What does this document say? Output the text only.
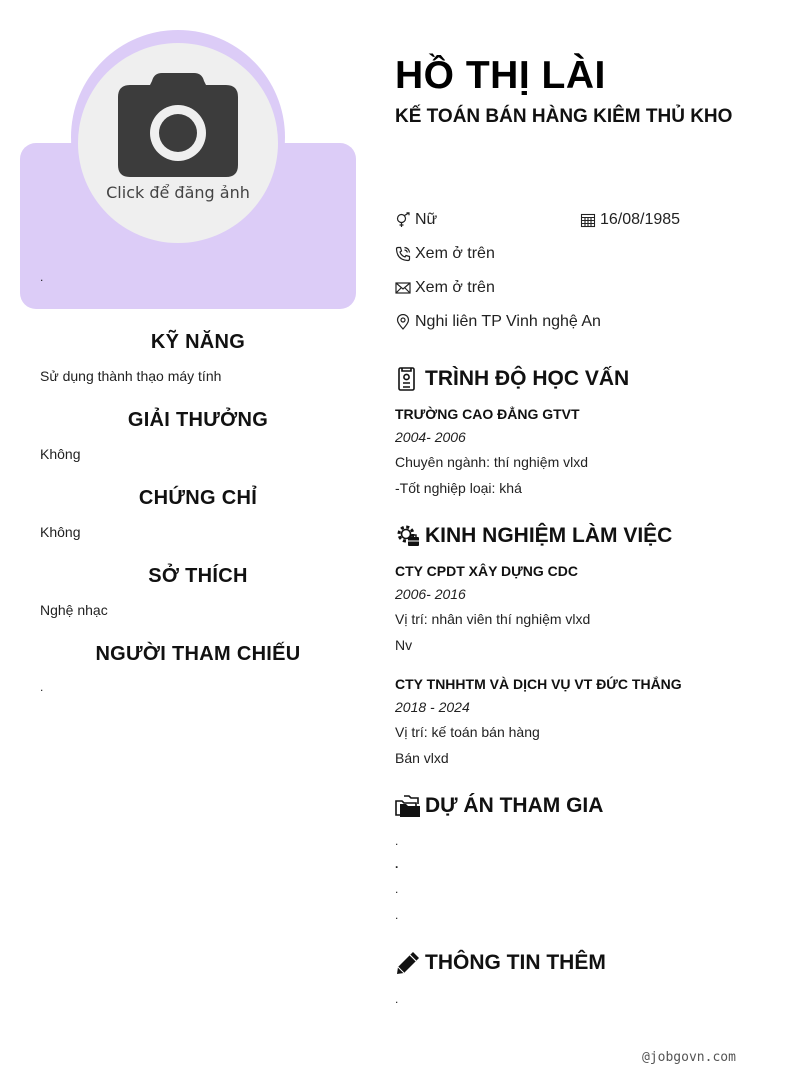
Click để đăng ảnh
.
KỸ NĂNG

Sử dụng thành thạo máy tính

GIẢI THƯỞNG

Không

CHỨNG CHỈ

Không

SỞ THÍCH

Nghệ nhạc

NGƯỜI THAM CHIẾU

.

HỒ THỊ LÀI
KẾ TOÁN BÁN HÀNG KIÊM THỦ KHO
Nữ	16/08/1985
Xem ở trên
Xem ở trên
Nghi liên TP Vinh nghệ An
TRÌNH ĐỘ HỌC VẤN
TRƯỜNG CAO ĐẲNG GTVT
2004- 2006
Chuyên ngành: thí nghiệm vlxd
-Tốt nghiệp loại: khá
KINH NGHIỆM LÀM VIỆC
CTY CPDT XÂY DỰNG CDC
2006- 2016
Vị trí: nhân viên thí nghiệm vlxd
Nv
CTY TNHHTM VÀ DỊCH VỤ VT ĐỨC THẮNG
2018 - 2024
Vị trí: kế toán bán hàng
Bán vlxd
DỰ ÁN THAM GIA
.
.
.
.
THÔNG TIN THÊM
.
@jobgovn.com
